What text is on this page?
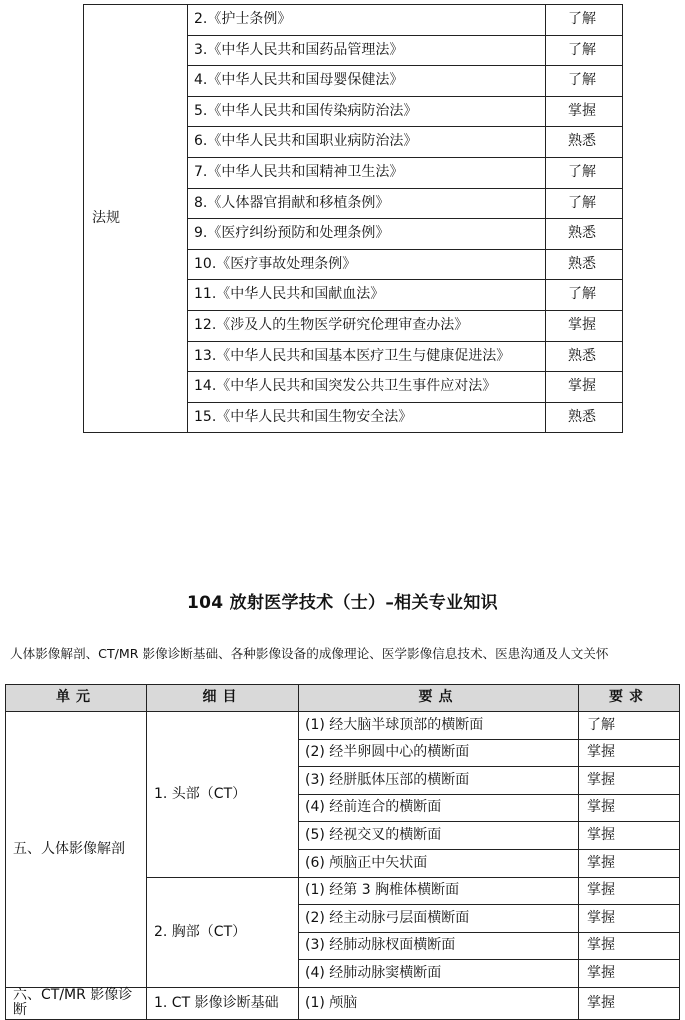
法规	2.《护士条例》	了解
	3.《中华人民共和国药品管理法》	了解
	4.《中华人民共和国母婴保健法》	了解
	5.《中华人民共和国传染病防治法》	掌握
	6.《中华人民共和国职业病防治法》	熟悉
	7.《中华人民共和国精神卫生法》	了解
	8.《人体器官捐献和移植条例》	了解
	9.《医疗纠纷预防和处理条例》	熟悉
	10.《医疗事故处理条例》	熟悉
	11.《中华人民共和国献血法》	了解
	12.《涉及人的生物医学研究伦理审查办法》	掌握
	13.《中华人民共和国基本医疗卫生与健康促进法》	熟悉
	14.《中华人民共和国突发公共卫生事件应对法》	掌握
	15.《中华人民共和国生物安全法》	熟悉
104 放射医学技术（士）–相关专业知识
人体影像解剖、CT/MR 影像诊断基础、各种影像设备的成像理论、医学影像信息技术、医患沟通及人文关怀
单元	细目	要点	要求
五、人体影像解剖	1. 头部（CT）	(1) 经大脑半球顶部的横断面	了解
		(2) 经半卵圆中心的横断面	掌握
		(3) 经胼胝体压部的横断面	掌握
		(4) 经前连合的横断面	掌握
		(5) 经视交叉的横断面	掌握
		(6) 颅脑正中矢状面	掌握
	2. 胸部（CT）	(1) 经第 3 胸椎体横断面	掌握
		(2) 经主动脉弓层面横断面	掌握
		(3) 经肺动脉杈面横断面	掌握
		(4) 经肺动脉窦横断面	掌握
六、CT/MR 影像诊断	1. CT 影像诊断基础	(1) 颅脑	掌握
